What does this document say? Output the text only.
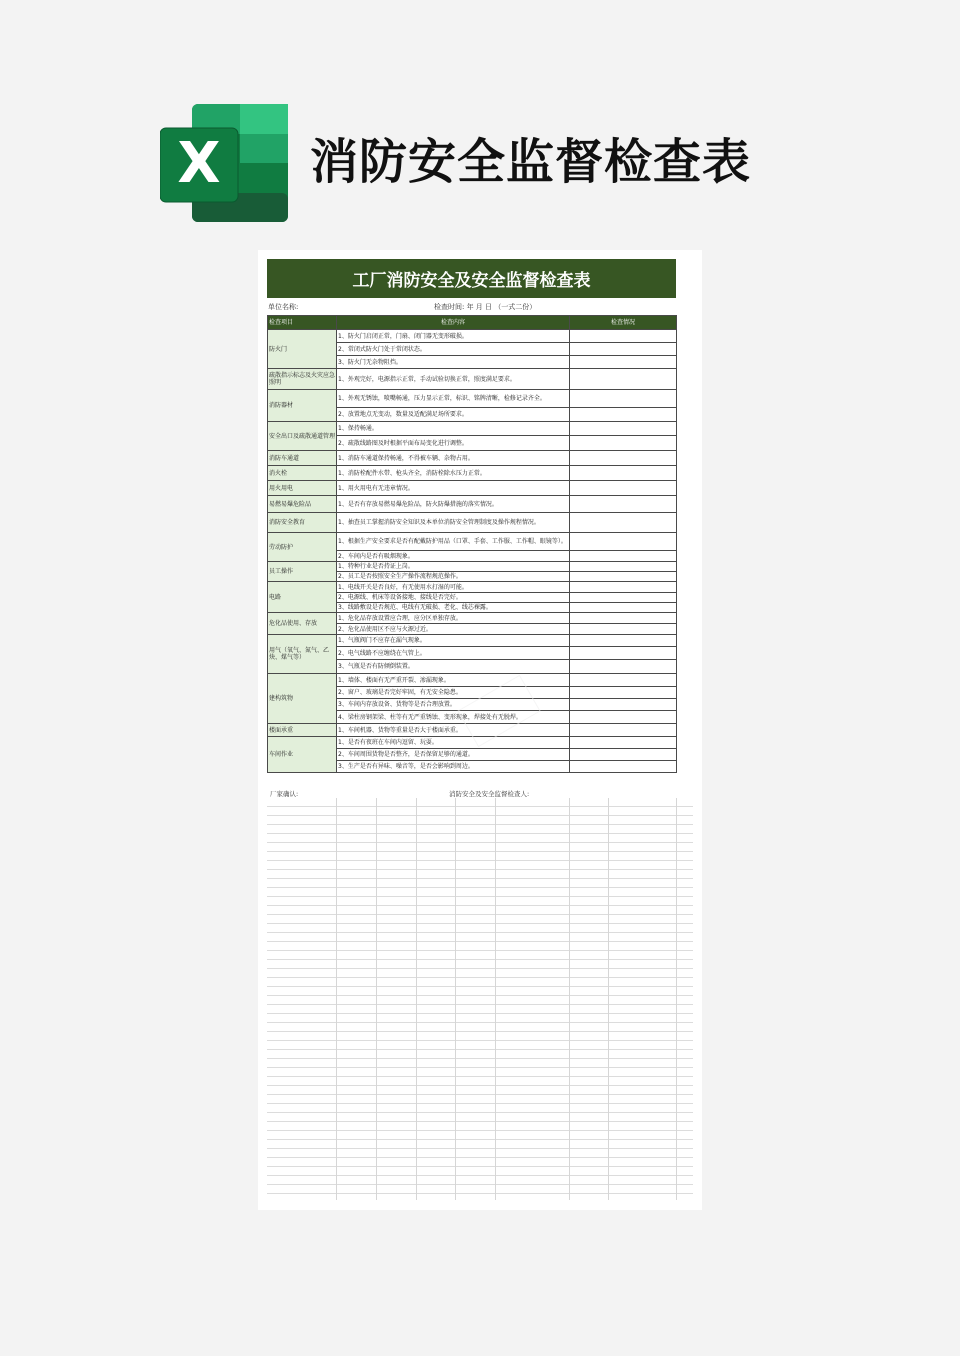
X 消防安全监督检查表
工厂消防安全及安全监督检查表
单位名称:	检查时间: 年 月 日 （一式二份）
检查项目	检查内容	检查情况
防火门	1、防火门启闭正常，门扇、闭门器无变形破损。	
	2、常闭式防火门处于常闭状态。	
	3、防火门无杂物阻挡。	
疏散指示标志及火灾应急照明	1、外观完好，电源指示正常，手动试验切换正常，照度满足要求。	
消防器材	1、外观无锈蚀，喷嘴畅通，压力显示正常，标识、铭牌清晰，检修记录齐全。	
	2、放置地点无变动，数量及适配满足场所要求。	
安全出口及疏散通道管理	1、保持畅通。	
	2、疏散线路图及时根据平面布局变化进行调整。	
消防车通道	1、消防车通道保持畅通，不得被车辆、杂物占用。	
消火栓	1、消防栓配件水带、枪头齐全，消防栓除水压力正常。	
用火用电	1、用火用电有无违章情况。	
易燃易爆危险品	1、是否有存放易燃易爆危险品，防火防爆措施的落实情况。	
消防安全教育	1、抽查员工掌握消防安全知识及本单位消防安全管理制度及操作规程情况。	
劳动防护	1、根据生产安全要求是否有配戴防护用品（口罩、手套、工作服、工作帽、眼镜等）。	
	2、车间内是否有吸烟现象。	
员工操作	1、特种行业是否持证上岗。	
	2、员工是否按照安全生产操作流程规范操作。	
电路	1、电线开关是否良好，有无使用水打湿的可能。	
	2、电源线、机床等设备接地、接线是否完好。	
	3、线路敷设是否规范、电线有无破损、老化、线芯裸露。	
危化品使用、存放	1、危化品存放设置应合理，应分区单独存放。	
	2、危化品使用区不应与火源过近。	
用气（氧气、氮气、乙炔、煤气等）	1、气瓶阀门不应存在漏气现象。	
	2、电气线路不应缠绕在气管上。	
	3、气瓶是否有防倾倒装置。	
建构筑物	1、墙体、楼面有无严重开裂、渗漏现象。	
	2、窗户、玻璃是否完好牢固，有无安全隐患。	
	3、车间内存放设备、货物等是否合理放置。	
	4、梁柱房钢架梁、柱等有无严重锈蚀、变形现象，焊接处有无脱焊。	
楼面承重	1、车间机器、货物等重量是否大于楼面承重。	
车间作业	1、是否有夜班在车间内逗留、玩耍。	
	2、车间周围货物是否整齐，是否保留足够的通道。	
	3、生产是否有异味、噪音等，是否会影响到周边。	
厂家确认:	消防安全及安全监督检查人:
